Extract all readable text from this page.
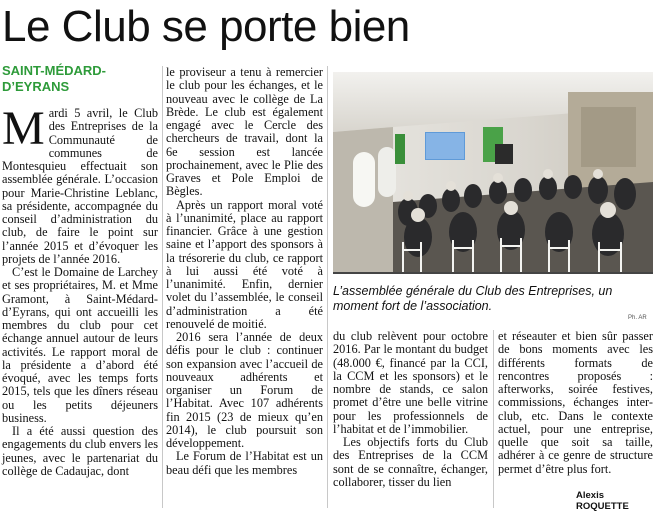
Le Club se porte bien
SAINT-MÉDARD-D’EYRANS

Mardi 5 avril, le Club des Entreprises de la Communauté de communes de Montesquieu effectuait son assemblée générale. L’occasion pour Marie-Christine Leblanc, sa présidente, accompagnée du conseil d’administration du club, de faire le point sur l’année 2015 et d’évoquer les projets de l’année 2016.

C’est le Domaine de Larchey et ses propriétaires, M. et Mme Gramont, à Saint-Médard-d’Eyrans, qui ont accueilli les membres du club pour cet échange annuel autour de leurs activités. Le rapport moral de la présidente a d’abord été évoqué, avec les temps forts 2015, tels que les dîners réseau ou les petits déjeuners business.

Il a été aussi question des engagements du club envers les jeunes, avec le partenariat du collège de Cadaujac, dont

le proviseur a tenu à remercier le club pour les échanges, et le nouveau avec le collège de La Brède. Le club est également engagé avec le Cercle des chercheurs de travail, dont la 6e session est lancée prochainement, avec le Plie des Graves et Pole Emploi de Bègles.

Après un rapport moral voté à l’unanimité, place au rapport financier. Grâce à une gestion saine et l’apport des sponsors à la trésorerie du club, ce rapport à lui aussi été voté à l’unanimité. Enfin, dernier volet du l’assemblée, le conseil d’administration a été renouvelé de moitié.

2016 sera l’année de deux défis pour le club : continuer son expansion avec l’accueil de nouveaux adhérents et organiser un Forum de l’Habitat. Avec 107 adhérents fin 2015 (23 de mieux qu’en 2014), le club poursuit son développement.

Le Forum de l’Habitat est un beau défi que les membres

L’assemblée générale du Club des Entreprises, un moment fort de l’association.
Ph. AR

du club relèvent pour octobre 2016. Par le montant du budget (48.000 €, financé par la CCI, la CCM et les sponsors) et le nombre de stands, ce salon promet d’être une belle vitrine pour les professionnels de l’habitat et de l’immobilier.

Les objectifs forts du Club des Entreprises de la CCM sont de se connaître, échanger, collaborer, tisser du lien

et réseauter et bien sûr passer de bons moments avec les différents formats de rencontres proposés : afterworks, soirée festives, commissions, échanges inter-club, etc. Dans le contexte actuel, pour une entreprise, quelle que soit sa taille, adhérer à ce genre de structure permet d’être plus fort.

Alexis ROQUETTE
